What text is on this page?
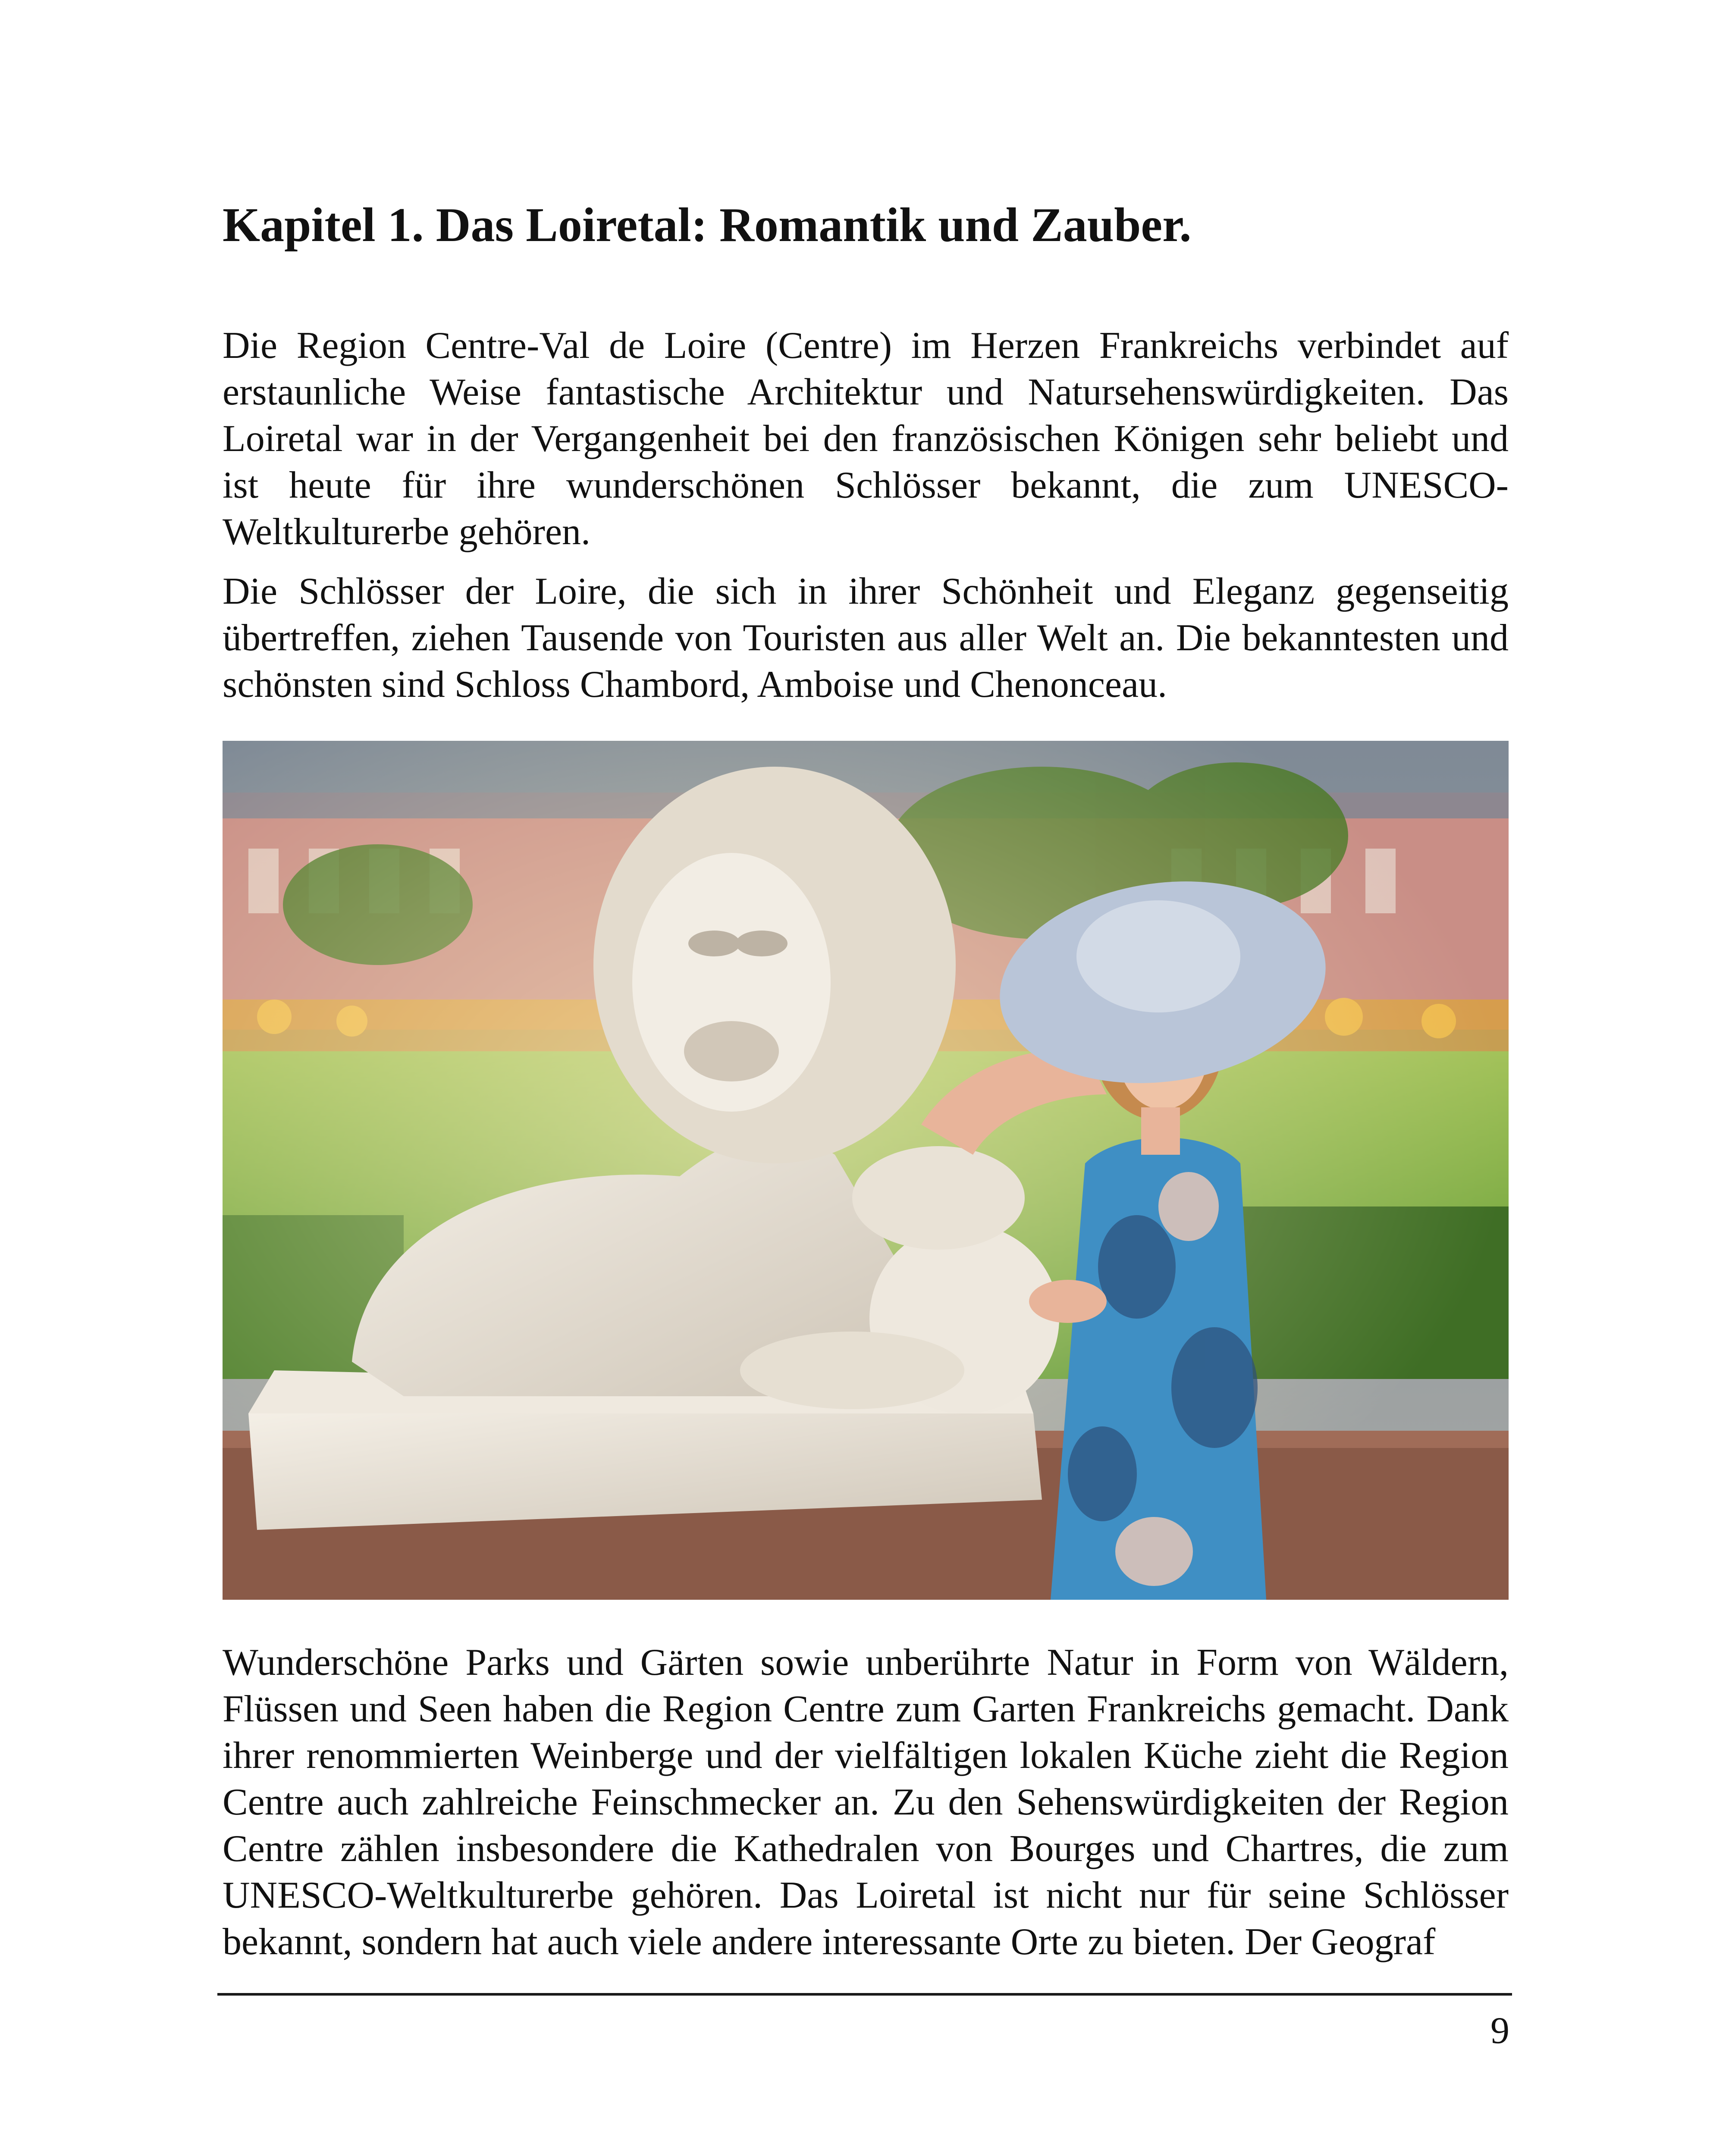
Kapitel 1. Das Loiretal: Romantik und Zauber.

Die Region Centre-Val de Loire (Centre) im Herzen Frankreichs verbindet auf erstaunliche Weise fantastische Architektur und Natursehenswürdigkeiten. Das Loiretal war in der Vergangenheit bei den französischen Königen sehr beliebt und ist heute für ihre wunderschönen Schlösser bekannt, die zum UNESCO-Weltkulturerbe gehören.

Die Schlösser der Loire, die sich in ihrer Schönheit und Eleganz gegenseitig übertreffen, ziehen Tausende von Touristen aus aller Welt an. Die bekanntesten und schönsten sind Schloss Chambord, Amboise und Chenonceau.

Wunderschöne Parks und Gärten sowie unberührte Natur in Form von Wäldern, Flüssen und Seen haben die Region Centre zum Garten Frankreichs gemacht. Dank ihrer renommierten Weinberge und der vielfältigen lokalen Küche zieht die Region Centre auch zahlreiche Feinschmecker an. Zu den Sehenswürdigkeiten der Region Centre zählen insbesondere die Kathedralen von Bourges und Chartres, die zum UNESCO-Weltkulturerbe gehören. Das Loiretal ist nicht nur für seine Schlösser bekannt, sondern hat auch viele andere interessante Orte zu bieten. Der Geograf

9
